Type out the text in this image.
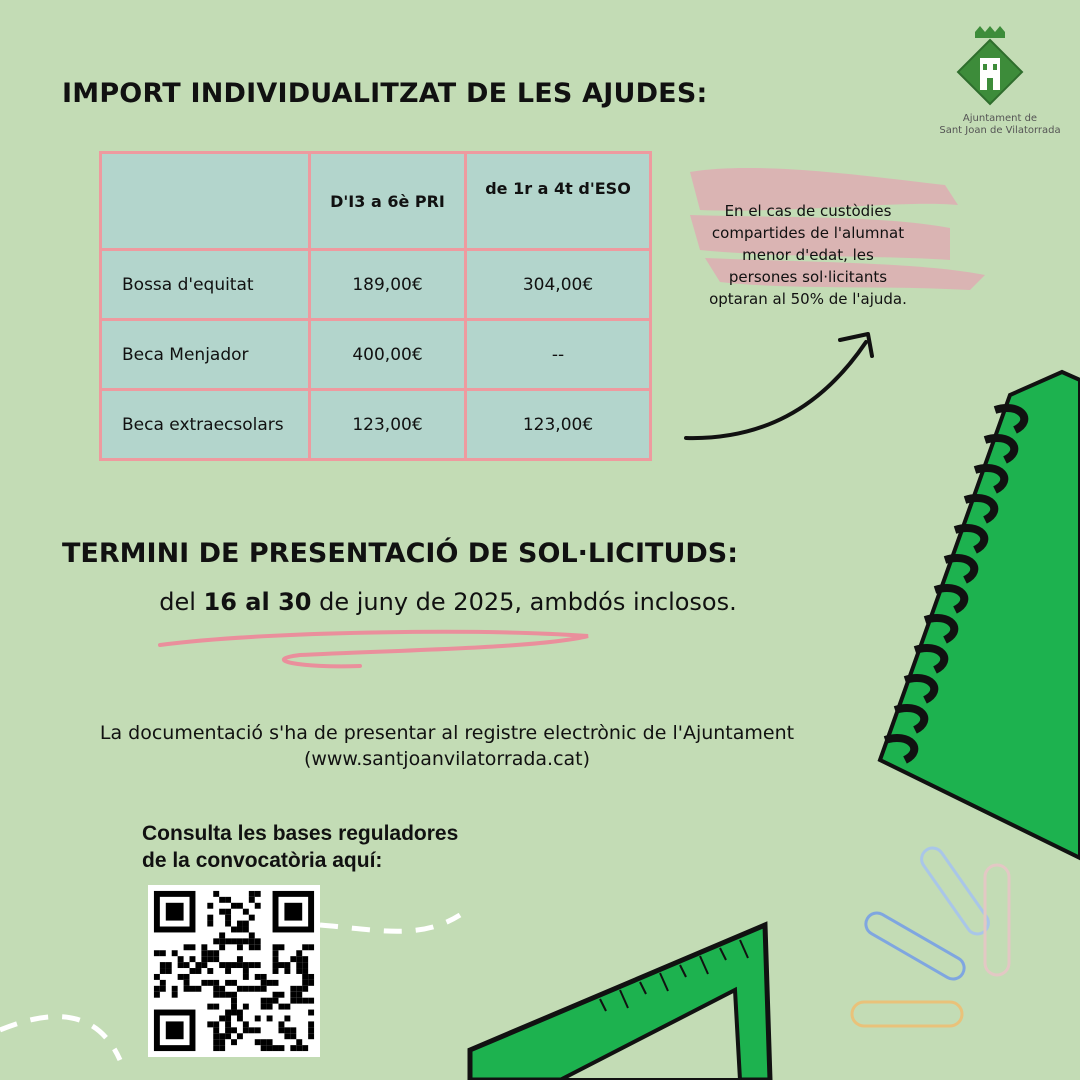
Ajuntament de
Sant Joan de Vilatorrada
IMPORT INDIVIDUALITZAT DE LES AJUDES:
	D'I3 a 6è PRI	de 1r a 4t d'ESO
Bossa d'equitat	189,00€	304,00€
Beca Menjador	400,00€	--
Beca extraecsolars	123,00€	123,00€
En el cas de custòdies compartides de l'alumnat menor d'edat, les persones sol·licitants optaran al 50% de l'ajuda.
TERMINI DE PRESENTACIÓ DE SOL·LICITUDS:
del 16 al 30 de juny de 2025, ambdós inclosos.
La documentació s'ha de presentar al registre electrònic de l'Ajuntament
(www.santjoanvilatorrada.cat)
Consulta les bases reguladores
de la convocatòria aquí:
